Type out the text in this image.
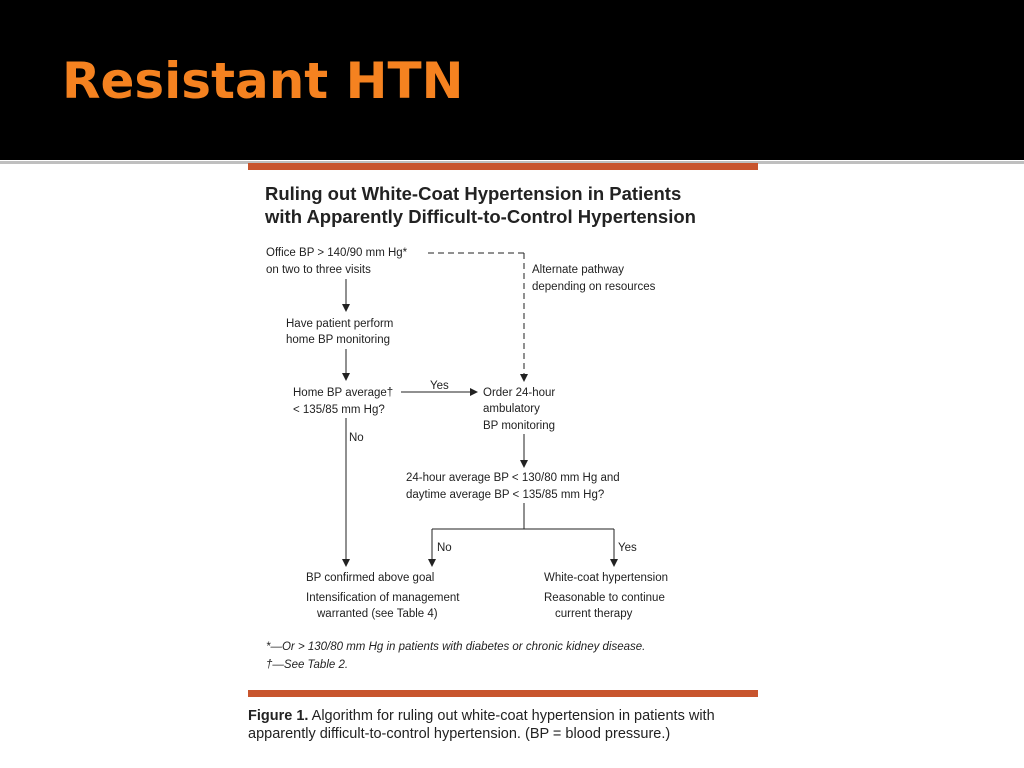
Resistant HTN
Ruling out White-Coat Hypertension in Patients
with Apparently Difficult-to-Control Hypertension
Office BP > 140/90 mm Hg*
on two to three visits	Alternate pathway
depending on resources
Have patient perform
home BP monitoring
Home BP average†
< 135/85 mm Hg?
Order 24-hour
ambulatory
BP monitoring
24-hour average BP < 130/80 mm Hg and
daytime average BP < 135/85 mm Hg?
BP confirmed above goal
Intensification of management
warranted (see Table 4)
White-coat hypertension
Reasonable to continue
current therapy
Yes
No
No	Yes
*—Or > 130/80 mm Hg in patients with diabetes or chronic kidney disease.
†—See Table 2.

Figure 1. Algorithm for ruling out white-coat hypertension in patients with apparently difficult-to-control hypertension. (BP = blood pressure.)
